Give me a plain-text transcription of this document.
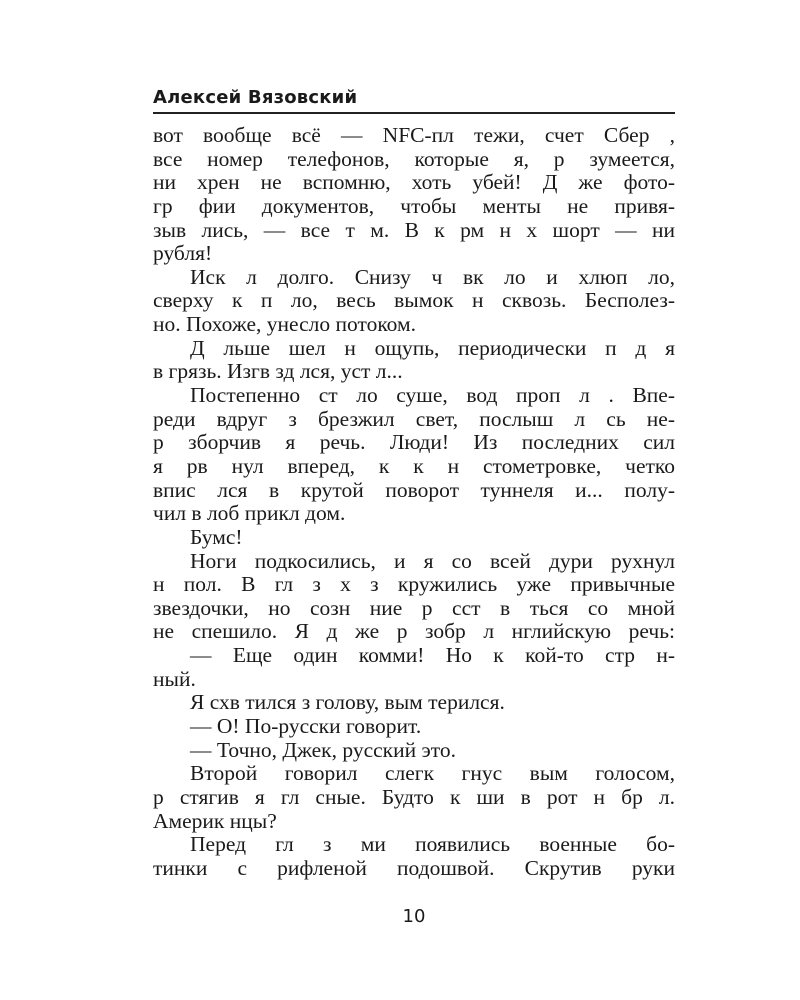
Алексей Вязовский
вот вообще всё — NFC-пл тежи, счет Сбер ,
все номер телефонов, которые я, р зумеется,
ни хрен не вспомню, хоть убей! Д же фото-
гр фии документов, чтобы менты не привя-
зыв лись, — все т м. В к рм н х шорт — ни
рубля!
Иск л долго. Снизу ч вк ло и хлюп ло,
сверху к п ло, весь вымок н сквозь. Бесполез-
но. Похоже, унесло потоком.
Д льше шел н ощупь, периодически п д я
в грязь. Изгв зд лся, уст л...
Постепенно ст ло суше, вод проп л . Впе-
реди вдруг з брезжил свет, послыш л сь не-
р зборчив я речь. Люди! Из последних сил
я рв нул вперед, к к н стометровке, четко
впис лся в крутой поворот туннеля и... полу-
чил в лоб прикл дом.
Бумс!
Ноги подкосились, и я со всей дури рухнул
н пол. В гл з х з кружились уже привычные
звездочки, но созн ние р сст в ться со мной
не спешило. Я д же р зобр л нглийскую речь:
— Еще один комми! Но к кой-то стр н-
ный.
Я схв тился з голову, вым терился.
— О! По-русски говорит.
— Точно, Джек, русский это.
Второй говорил слегк гнус вым голосом,
р стягив я гл сные. Будто к ши в рот н бр л.
Америк нцы?
Перед гл з ми появились военные бо-
тинки с рифленой подошвой. Скрутив руки
10
